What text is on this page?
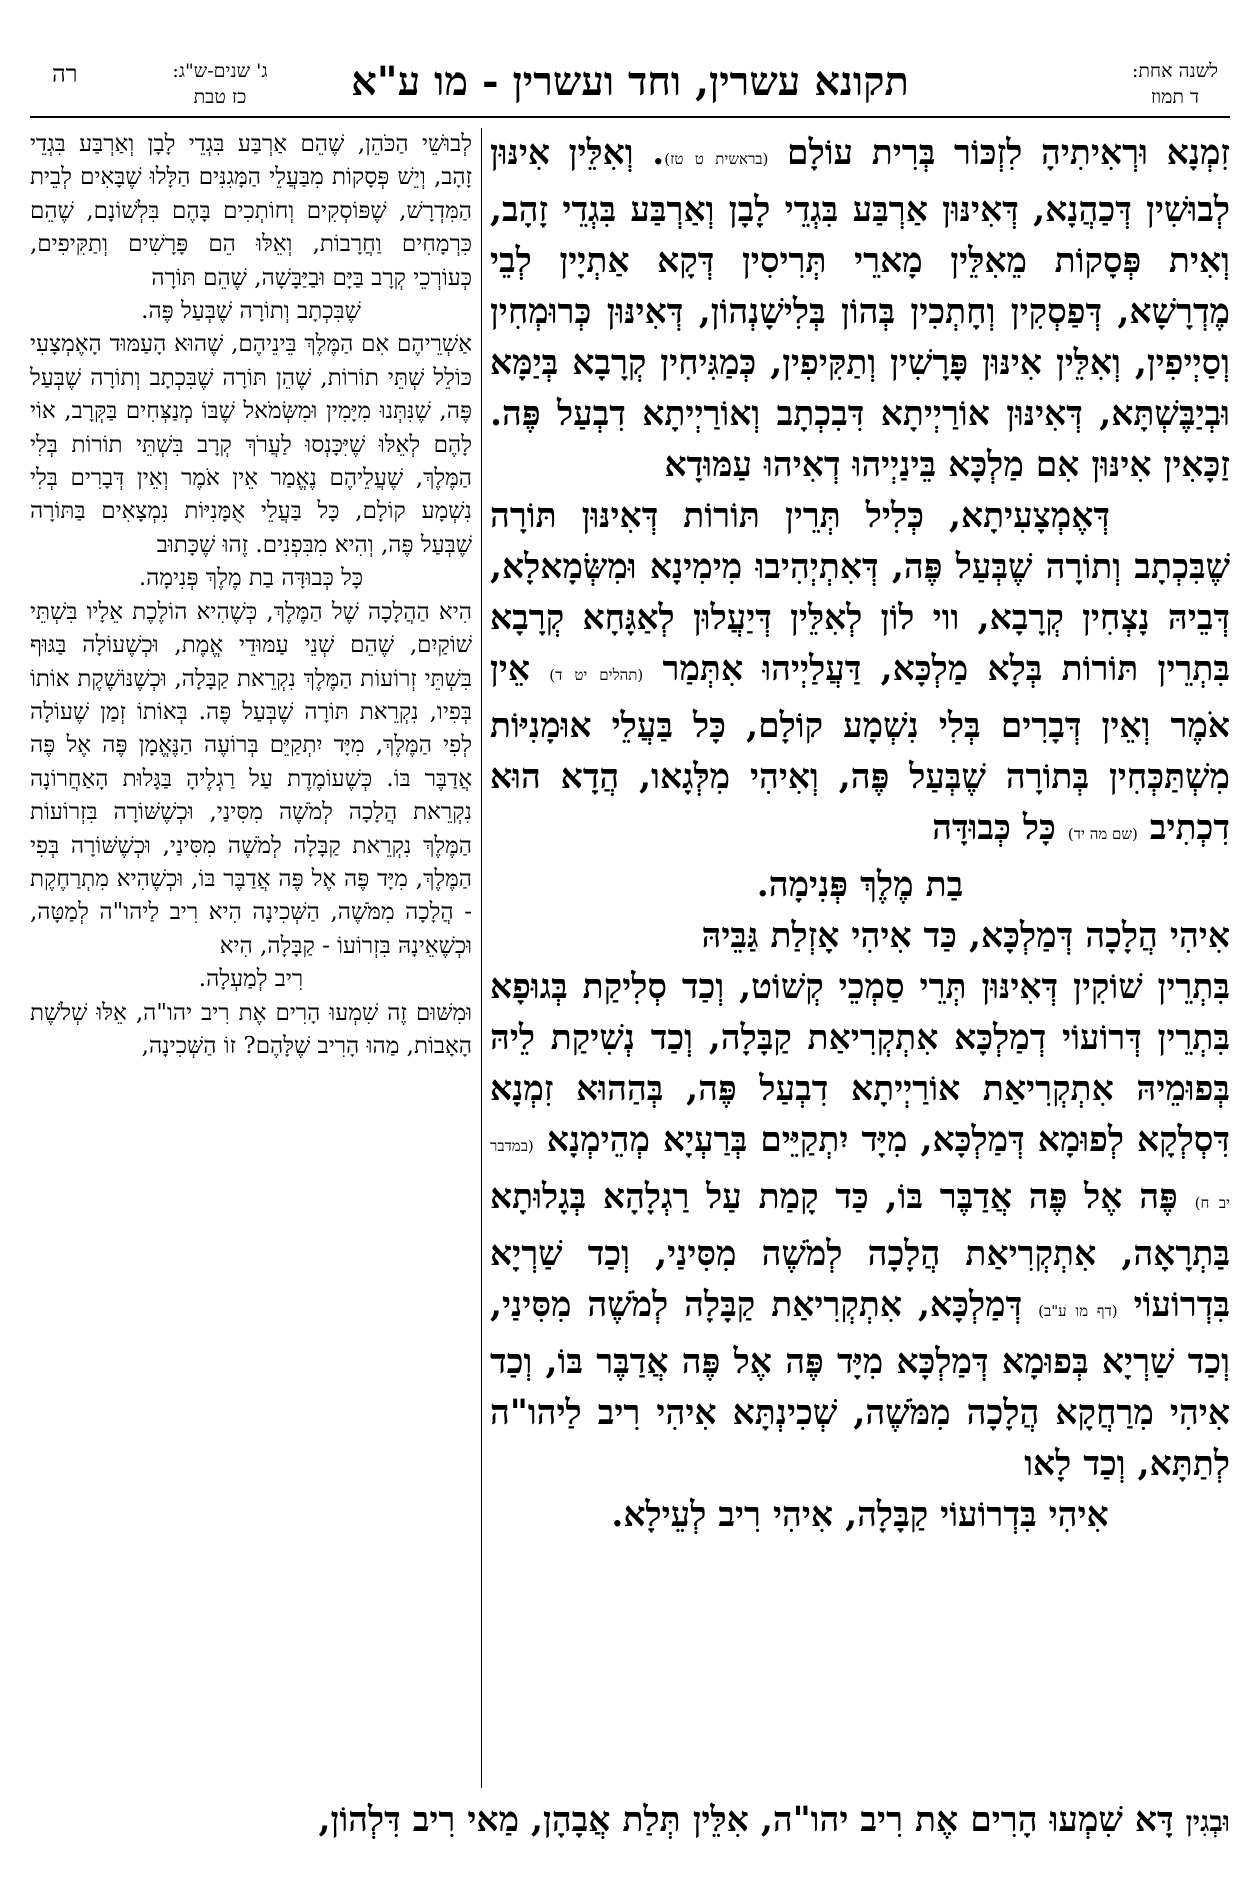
לשנה אחת:
ד תמוז
תקונא עשרין, וחד ועשרין - מו ע"א
ג' שנים-ש"ג:
כז טבת
רה

זִמְנָא וּרְאִיתִיהָ לִזְכּוֹר בְּרִית עוֹלָם (בראשית ט טז). וְאִלֵּין אִינּוּן לְבוּשִׁין דְּכַהֲנָא, דְּאִינּוּן אַרְבַּע בִּגְדֵי לָבָן וְאַרְבַּע בִּגְדֵי זָהָב, וְאִית פְּסָקוֹת מֵאִלֵּין מָארֵי תְּרִיסִין דְּקָא אַתְיָין לְבֵי מֶדְרָשָׁא, דְּפַסְקִין וְחָתְכִין בְּהוֹן בְּלִישָׁנְהוֹן, דְּאִינּוּן כְּרוּמְחִין וְסַיְיפִין, וְאִלֵּין אִינּוּן פָּרָשִׁין וְתַקִּיפִין, כְּמַגִּיחִין קְרָבָא בְּיַמָּא וּבְיַבֶּשְׁתָּא, דְּאִינּוּן אוֹרַיְיתָא דִּבִכְתָב וְאוֹרַיְיתָא דִבְעַל פֶּה. זַכָּאִין אִינּוּן אִם מַלְכָּא בֵּינַיְיהוּ דְאִיהוּ עַמּוּדָא

דְּאֶמְצָעִיתָא, כְּלִיל תְּרֵין תּוֹרוֹת דְּאִינּוּן תּוֹרָה שֶׁבִּכְתָב וְתוֹרָה שֶׁבְּעַל פֶּה, דְּאִתְיְהִיבוּ מִימִינָא וּמִשְּׂמָאלָא, דְּבֵיהּ נָצְחִין קְרָבָא, ווי לוֹן לְאִלֵּין דְּיַעֲלוּן לְאַגָּחָא קְרָבָא בִּתְרֵין תּוֹרוֹת בְּלָא מַלְכָּא, דַּעֲלַיְיהוּ אִתְּמַר (תהלים יט ד) אֵין אֹמֶר וְאֵין דְּבָרִים בְּלִי נִשְׁמָע קוֹלָם, כָּל בַּעֲלֵי אוּמָנִיּוֹת מִשְׁתַּכְּחִין בְּתוֹרָה שֶׁבְּעַל פֶּה, וְאִיהִי מִלְּגָאו, הֲדָא הוּא דִכְתִיב (שם מה יד) כָּל כְּבוּדָּה

בַת מֶלֶךְ פְּנִימָה.

אִיהִי הֲלָכָה דְּמַלְכָּא, כַּד אִיהִי אָזְלַת גַּבֵּיהּ

בִּתְרֵין שׁוֹקִין דְּאִינּוּן תְּרֵי סַמְכֵי קְשׁוֹט, וְכַד סְלִיקַת בְּגוּפָא בִּתְרֵין דְּרוֹעוֹי דְמַלְכָּא אִתְקְרִיאַת קַבָּלָה, וְכַד נְשִׁיקַת לֵיהּ בְּפוּמֵיהּ אִתְקְרִיאַת אוֹרַיְיתָא דִבְעַל פֶּה, בְּהַהוּא זִמְנָא דִּסְלְקָא לְפוּמָא דְּמַלְכָּא, מִיָּד יִתְקַיֵּים בְּרַעְיָא מְהֵימְנָא (במדבר יב ח) פֶּה אֶל פֶּה אֲדַבֶּר בּוֹ, כַּד קָמַת עַל רַגְלָהָא בְּגָלוּתָא בַּתְרָאָה, אִתְקְרִיאַת הֲלָכָה לְמֹשֶׁה מִסִּינַי, וְכַד שַׁרְיָא בִּדְרוֹעוֹי (דף מו ע"ב) דְּמַלְכָּא, אִתְקְרִיאַת קַבָּלָה לְמֹשֶׁה מִסִּינַי, וְכַד שַׁרְיָא בְּפוּמָא דְּמַלְכָּא מִיָּד פֶּה אֶל פֶּה אֲדַבֶּר בּוֹ, וְכַד אִיהִי מִרַחֲקָא הֲלָכָה מִמֹּשֶׁה, שְׁכִינְתָּא אִיהִי רִיב לַיהו"ה לְתַתָּא, וְכַד לָאו

אִיהִי בִּדְרוֹעוֹי קַבָּלָה, אִיהִי רִיב לְעֵילָא.

לְבוּשֵׁי הַכֹּהֵן, שֶׁהֵם אַרְבַּע בִּגְדֵי לָבָן וְאַרְבַּע בִּגְדֵי זָהָב, וְיֵשׁ פְּסָקוֹת מִבַּעֲלֵי הַמָּגִנִּים הַלָּלוּ שֶׁבָּאִים לְבֵית הַמִּדְרָשׁ, שֶׁפּוֹסְקִים וְחוֹתְכִים בָּהֶם בִּלְשׁוֹנָם, שֶׁהֵם כִּרְמָחִים וַחֲרָבוֹת, וְאֵלּוּ הֵם פָּרָשִׁים וְתַקִּיפִים, כְּעוֹרְכֵי קְרָב בַּיָּם וּבַיַּבָּשָׁה, שֶׁהֵם תּוֹרָה

שֶׁבִּכְתָב וְתוֹרָה שֶׁבְּעַל פֶּה.

אַשְׁרֵיהֶם אִם הַמֶּלֶךְ בֵּינֵיהֶם, שֶׁהוּא הָעַמּוּד הָאֶמְצָעִי כּוֹלֵל שְׁתֵּי תוֹרוֹת, שֶׁהֵן תּוֹרָה שֶׁבִּכְתָב וְתוֹרָה שֶׁבְּעַל פֶּה, שֶׁנִּתְּנוּ מִיָּמִין וּמִשְּׂמֹאל שֶׁבּוֹ מְנַצְּחִים בַּקְּרָב, אוֹי לָהֶם לְאֵלּוּ שֶׁיִּכָּנְסוּ לַעֲרֹךְ קְרָב בִּשְׁתֵּי תוֹרוֹת בְּלִי הַמֶּלֶךְ, שֶׁעֲלֵיהֶם נֶאֱמַר אֵין אֹמֶר וְאֵין דְּבָרִים בְּלִי נִשְׁמָע קוֹלָם, כָּל בַּעֲלֵי אֻמָּנִיּוֹת נִמְצָאִים בַּתּוֹרָה שֶׁבְּעַל פֶּה, וְהִיא מִבִּפְנִים. זֶהוּ שֶׁכָּתוּב

כָּל כְּבוּדָּה בַת מֶלֶךְ פְּנִימָה.

הִיא הַהֲלָכָה שֶׁל הַמֶּלֶךְ, כְּשֶׁהִיא הוֹלֶכֶת אֵלָיו בִּשְׁתֵּי שׁוֹקַיִם, שֶׁהֵם שְׁנֵי עַמּוּדֵי אֱמֶת, וּכְשֶׁעוֹלָה בַּגּוּף בִּשְׁתֵּי זְרוֹעוֹת הַמֶּלֶךְ נִקְרֵאת קַבָּלָה, וּכְשֶׁנּוֹשֶׁקֶת אוֹתוֹ בְּפִיו, נִקְרֵאת תּוֹרָה שֶׁבְּעַל פֶּה. בְּאוֹתוֹ זְמַן שֶׁעוֹלָה לְפִי הַמֶּלֶךְ, מִיָּד יִתְקַיֵּם בְּרוֹעֶה הַנֶּאֱמָן פֶּה אֶל פֶּה אֲדַבֶּר בּוֹ. כְּשֶׁעוֹמֶדֶת עַל רַגְלֶיהָ בַּגָּלוּת הָאַחֲרוֹנָה נִקְרֵאת הֲלָכָה לְמֹשֶׁה מִסִּינַי, וּכְשֶׁשּׁוֹרָה בִּזְרוֹעוֹת הַמֶּלֶךְ נִקְרֵאת קַבָּלָה לְמֹשֶׁה מִסִּינַי, וּכְשֶׁשּׁוֹרָה בְּפִי הַמֶּלֶךְ, מִיָּד פֶּה אֶל פֶּה אֲדַבֶּר בּוֹ, וּכְשֶׁהִיא מִתְרַחֶקֶת - הֲלָכָה מִמֹּשֶׁה, הַשְּׁכִינָה הִיא רִיב לַיהו"ה לְמַטָּה, וּכְשֶׁאֵינָהּ בִּזְרוֹעוֹ - קַבָּלָה, הִיא

רִיב לְמַעְלָה.

וּמִשּׁוּם זֶה שִׁמְעוּ הָרִים אֶת רִיב יהו"ה, אֵלּוּ שְׁלֹשֶׁת הָאָבוֹת, מַהוּ הָרִיב שֶׁלָּהֶם? זוֹ הַשְּׁכִינָה,

וּבְגִין דָּא שִׁמְעוּ הָרִים אֶת רִיב יהו"ה, אִלֵּין תְּלַת אֲבָהָן, מַאי רִיב דִּלְהוֹן,
